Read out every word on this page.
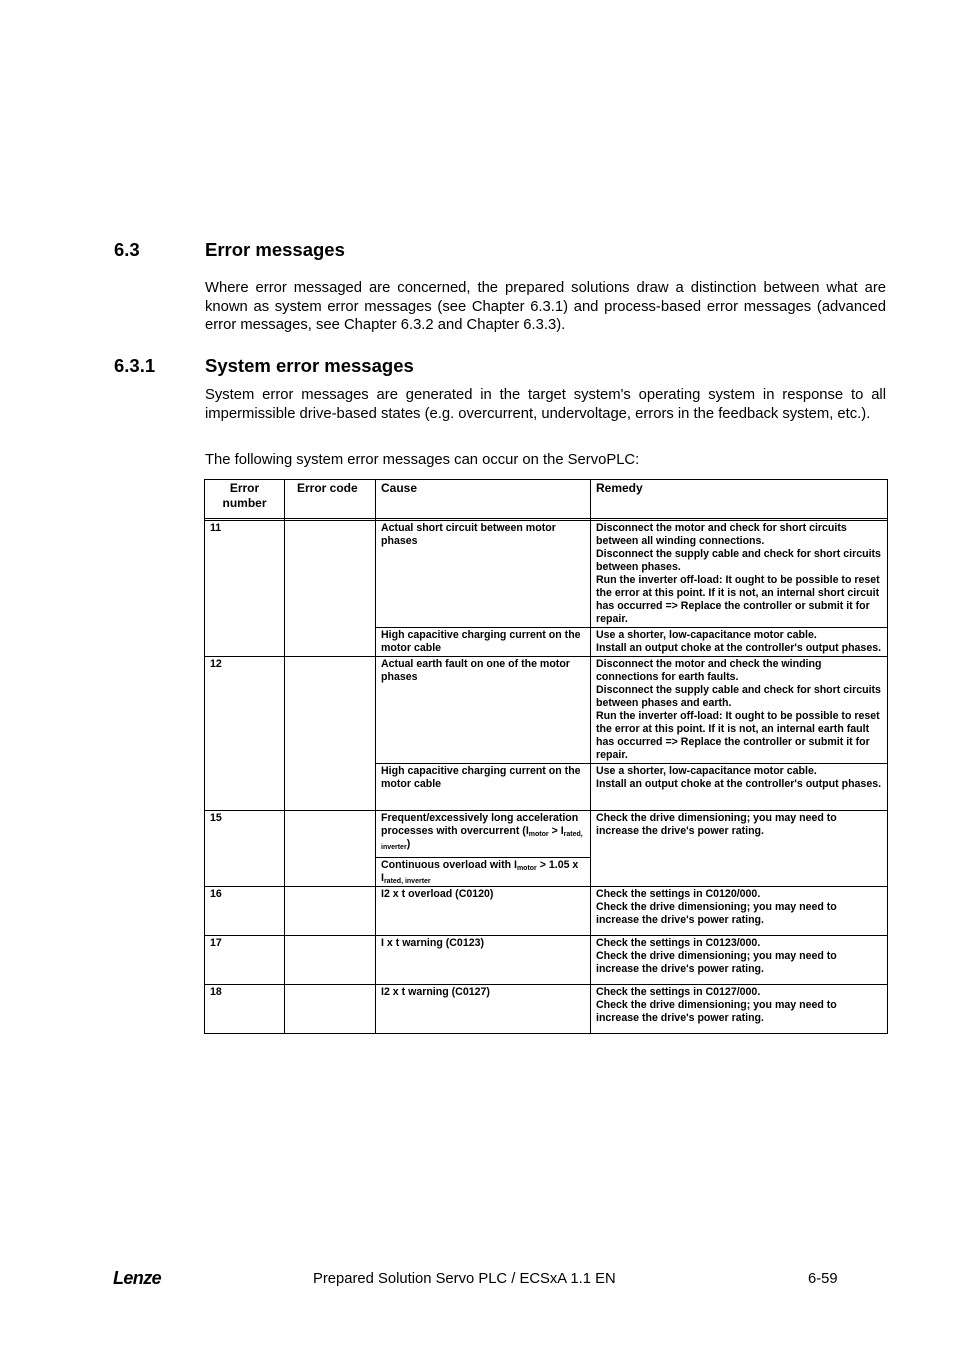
6.3	Error messages

Where error messaged are concerned, the prepared solutions draw a distinction between what are known as system error messages (see Chapter 6.3.1) and process-based error messages (advanced error messages, see Chapter 6.3.2 and Chapter 6.3.3).

6.3.1	System error messages

System error messages are generated in the target system's operating system in response to all impermissible drive-based states (e.g. overcurrent, undervoltage, errors in the feedback system, etc.).

The following system error messages can occur on the ServoPLC:

Error number	Error code	Cause	Remedy

11		Actual short circuit between motor phases	Disconnect the motor and check for short circuits between all winding connections.
Disconnect the supply cable and check for short circuits between phases.
Run the inverter off-load: It ought to be possible to reset the error at this point. If it is not, an internal short circuit has occurred => Replace the controller or submit it for repair.
		High capacitive charging current on the motor cable	Use a shorter, low-capacitance motor cable.
Install an output choke at the controller's output phases.
12		Actual earth fault on one of the motor phases	Disconnect the motor and check the winding connections for earth faults.
Disconnect the supply cable and check for short circuits between phases and earth.
Run the inverter off-load: It ought to be possible to reset the error at this point. If it is not, an internal earth fault has occurred => Replace the controller or submit it for repair.
		High capacitive charging current on the motor cable	Use a shorter, low-capacitance motor cable.
Install an output choke at the controller's output phases.
15		Frequent/excessively long acceleration processes with overcurrent $(I_{motor} > I_{rated, inverter})$	Check the drive dimensioning; you may need to increase the drive's power rating.
		Continuous overload with $I_{motor} > 1.05$ x $I_{rated, inverter}$
16		I2 x t overload (C0120)	Check the settings in C0120/000.
Check the drive dimensioning; you may need to increase the drive's power rating.
17		I x t warning (C0123)	Check the settings in C0123/000.
Check the drive dimensioning; you may need to increase the drive's power rating.
18		I2 x t warning (C0127)	Check the settings in C0127/000.
Check the drive dimensioning; you may need to increase the drive's power rating.
Lenze	Prepared Solution Servo PLC / ECSxA 1.1 EN	6-59
